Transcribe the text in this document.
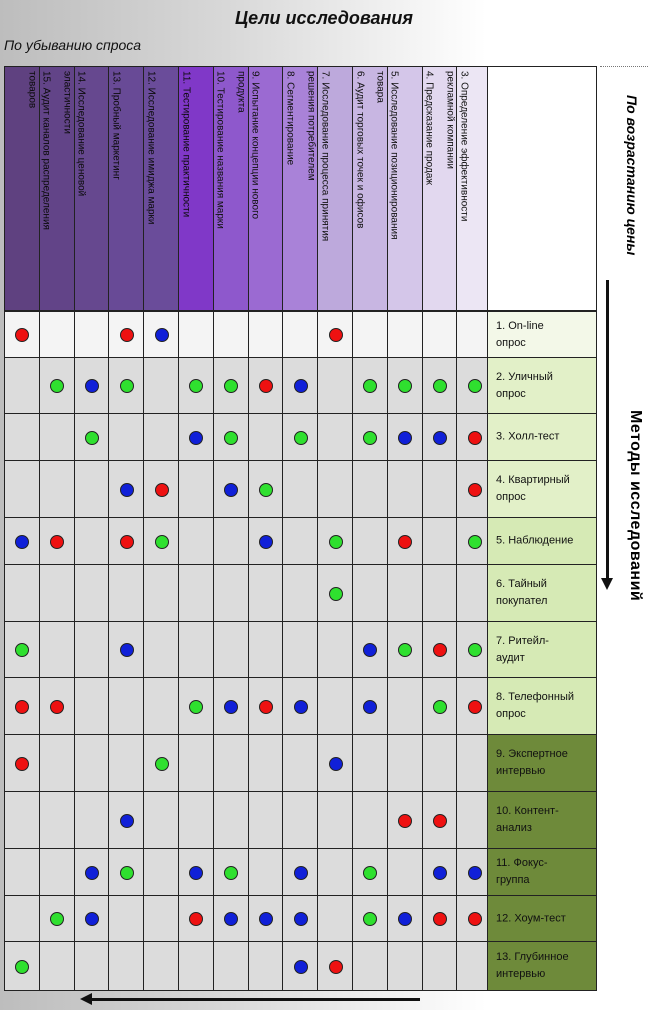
Цели исследования
По убыванию спроса
3. Определение эффективности
рекламной компании
4. Предсказание продаж
5. Исследование позиционирования
товара
6. Аудит торговых точек и офисов
7. Исследование процесса принятия
решения потребителем
8. Сегментирование
9. Испытание концепции нового
продукта
10. Тестирование названия марки
11. Тестирование практичности
12. Исследование имиджа марки
13. Пробный маркетинг
14. Исследование ценовой
эластичности
15. Аудит каналов распределения
товаров
1. On-line
опрос
2. Уличный
опрос
3. Холл-тест
4. Квартирный
опрос
5. Наблюдение
6. Тайный
покупател
7. Ритейл-
аудит
8. Телефонный
опрос
9. Экспертное
интервью
10. Контент-
анализ
11. Фокус-
группа
12. Хоум-тест
13. Глубинное
интервью
По возрастанию цены
Методы исследований
